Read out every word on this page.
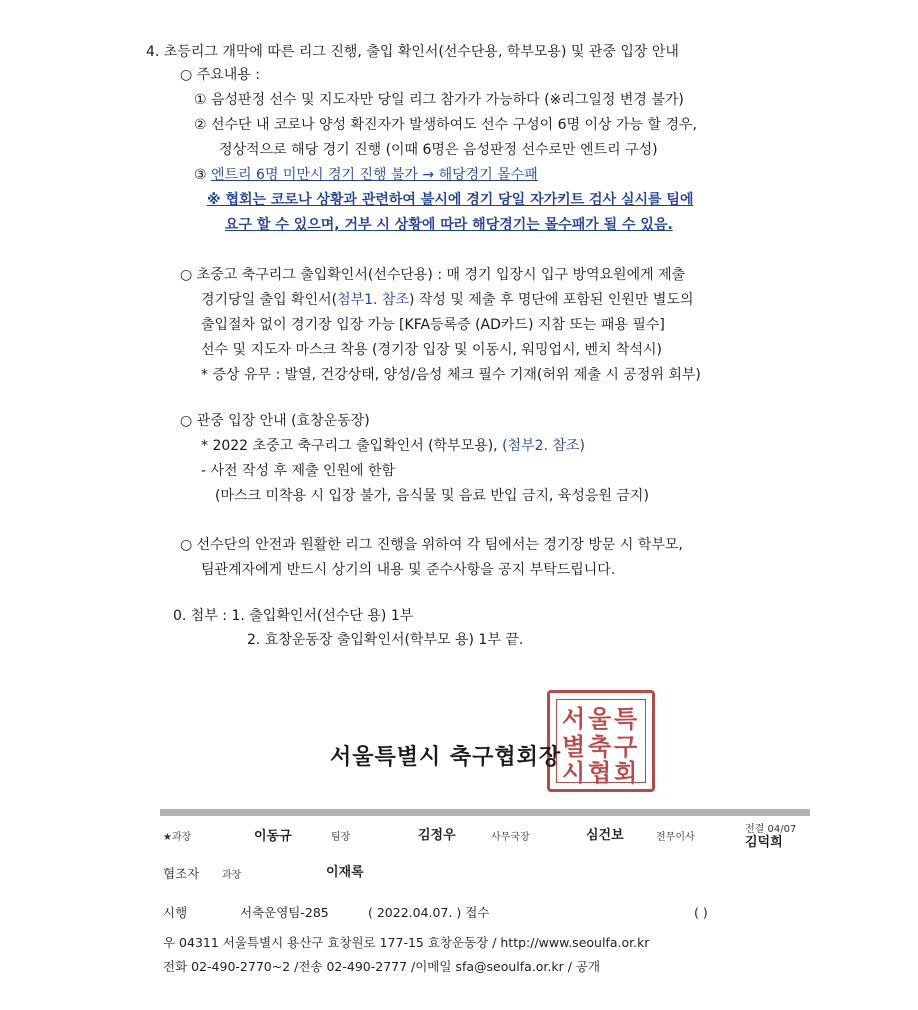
4. 초등리그 개막에 따른 리그 진행, 출입 확인서(선수단용, 학부모용) 및 관중 입장 안내
○ 주요내용 :
① 음성판정 선수 및 지도자만 당일 리그 참가가 가능하다 (※리그일정 변경 불가)
② 선수단 내 코로나 양성 확진자가 발생하여도 선수 구성이 6명 이상 가능 할 경우,
정상적으로 해당 경기 진행 (이때 6명은 음성판정 선수로만 엔트리 구성)
③ 엔트리 6명 미만시 경기 진행 불가 → 해당경기 몰수패
※ 협회는 코로나 상황과 관련하여 불시에 경기 당일 자가키트 검사 실시를 팀에
요구 할 수 있으며, 거부 시 상황에 따라 해당경기는 몰수패가 될 수 있음.
○ 초중고 축구리그 출입확인서(선수단용) : 매 경기 입장시 입구 방역요원에게 제출
경기당일 출입 확인서(첨부1. 참조) 작성 및 제출 후 명단에 포함된 인원만 별도의
출입절차 없이 경기장 입장 가능 [KFA등록증 (AD카드) 지참 또는 패용 필수]
선수 및 지도자 마스크 착용 (경기장 입장 및 이동시, 워밍업시, 벤치 착석시)
* 증상 유무 : 발열, 건강상태, 양성/음성 체크 필수 기재(허위 제출 시 공정위 회부)
○ 관중 입장 안내 (효창운동장)
* 2022 초중고 축구리그 출입확인서 (학부모용), (첨부2. 참조)
- 사전 작성 후 제출 인원에 한함
(마스크 미착용 시 입장 불가, 음식물 및 음료 반입 금지, 육성응원 금지)
○ 선수단의 안전과 원활한 리그 진행을 위하여 각 팀에서는 경기장 방문 시 학부모,
팀관계자에게 반드시 상기의 내용 및 준수사항을 공지 부탁드립니다.
0. 첨부 : 1. 출입확인서(선수단 용) 1부
2. 효창운동장 출입확인서(학부모 용) 1부 끝.
서 울 특
별 축 구
시 협 회
서울특별시 축구협회장
★과장	이동규	팀장	김정우	사무국장	심건보	전무이사
전결 04/07
김덕희
협조자 과장	이재록
시행	서축운영팀-285	( 2022.04.07. ) 접수	( )
우 04311 서울특별시 용산구 효창원로 177-15 효창운동장 / http://www.seoulfa.or.kr
전화 02-490-2770~2 /전송 02-490-2777 /이메일 sfa@seoulfa.or.kr / 공개
